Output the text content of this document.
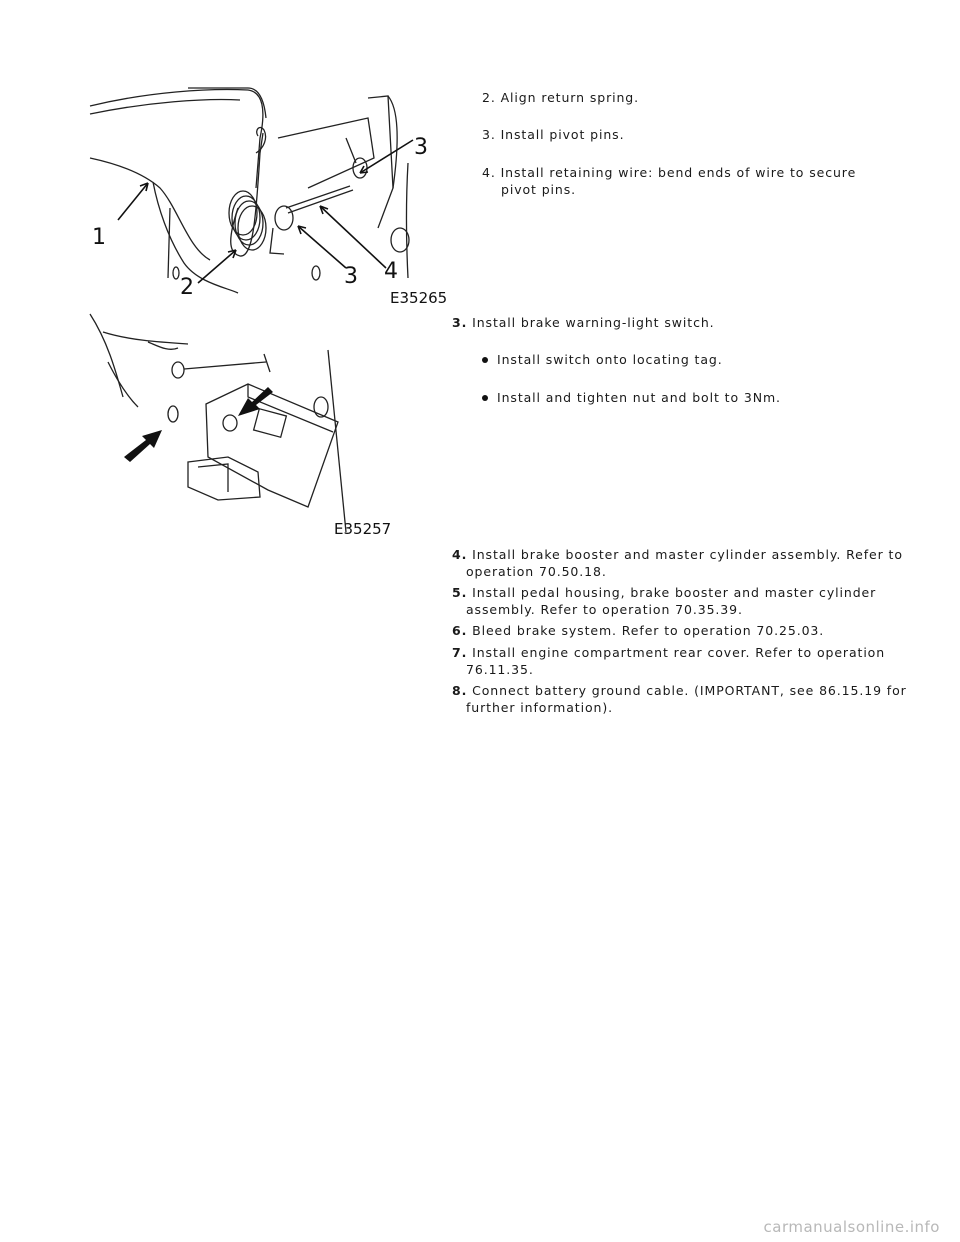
1
2
3
3 4
E35265
E35257
2. Align return spring.
3. Install pivot pins.
4. Install retaining wire: bend ends of wire to secure
pivot pins.
3. Install brake warning-light switch.
Install switch onto locating tag.
Install and tighten nut and bolt to 3Nm.
4. Install brake booster and master cylinder assembly. Refer to
operation 70.50.18.
5. Install pedal housing, brake booster and master cylinder
assembly. Refer to operation 70.35.39.
6. Bleed brake system. Refer to operation 70.25.03.
7. Install engine compartment rear cover. Refer to operation
76.11.35.
8. Connect battery ground cable. (IMPORTANT, see 86.15.19 for
further information).
carmanualsonline.info
